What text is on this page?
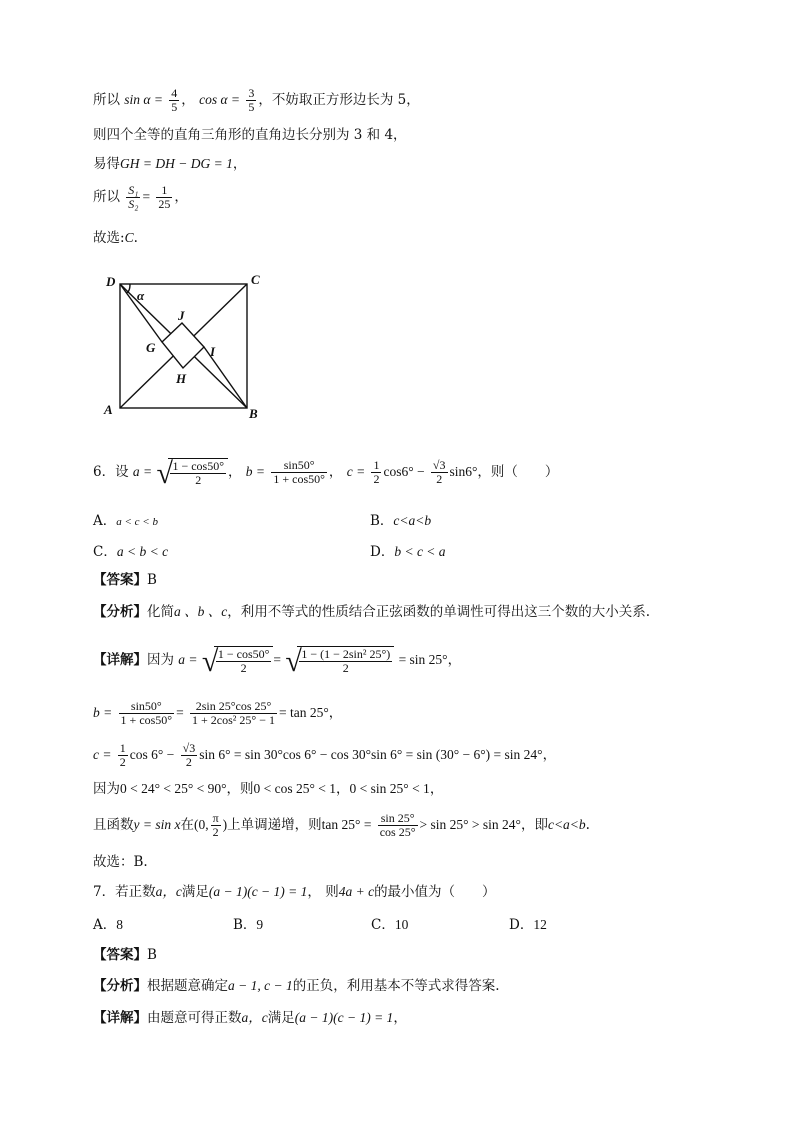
所以 $\sin \alpha = \frac{4}{5}$ ， $\cos \alpha = \frac{3}{5}$ ，不妨取正方形边长为 5，
则四个全等的直角三角形的直角边长分别为 3 和 4，
易得GH = DH − DG = 1，
所以 $\frac{\text{S₁}}{\text{S₂}} = \frac{1}{25}$ ，
故选:C.
D	C
A	B
J
G	I
H
α
6．设 a = √
$\frac{1 - \cos 50^\circ}{2}$ ， $b = \frac{\sin 50^\circ}{1 + \cos 50^\circ}$ ， $c = \frac{1}{2} \cos 6^\circ - \frac{√3}{2} \sin 6^\circ$，则（　　）
A．a < c < b	B．c<a<b
C．a < b < c	D．b < c < a
【答案】B
【分析】化简a 、b 、c，利用不等式的性质结合正弦函数的单调性可得出这三个数的大小关系.
【详解】因为 a = √
$\frac{1 - \cos 50^\circ}{2}$ = √
$\frac{\text{1 − (1 − 2sin² 25°)}}{2} = \sin 25^\circ$，
$b = \frac{\sin 50^\circ}{1 + \cos 50^\circ} = \frac{2\sin 25^\circ\cos 25^\circ}{\text{1 + 2cos² 25° − 1}} = \tan 25^\circ$，
$c = \frac{1}{2}$ $\cos 6^\circ - \frac{√3}{2}$ sin 6° = sin 30°cos 6° − cos 30°sin 6° = sin (30° − 6°) = sin 24°，
因为0 < 24° < 25° < 90°，则0 < cos 25° < 1，0 < sin 25° < 1，
且函数y = sin x在(0, $\frac{\pi}{2}$ )上单调递增，则$\tan 25^\circ = \frac{\sin 25^\circ}{\cos 25^\circ} > \sin 25^\circ > \sin 24^\circ$，即c<a<b.
故选：B.
7．若正数a，c满足(a − 1)(c − 1) = 1， 则4a + c的最小值为（　　）
A．8	B．9	C．10	D．12
【答案】B
【分析】根据题意确定a − 1, c − 1的正负，利用基本不等式求得答案.
【详解】由题意可得正数a，c满足(a − 1)(c − 1) = 1，
